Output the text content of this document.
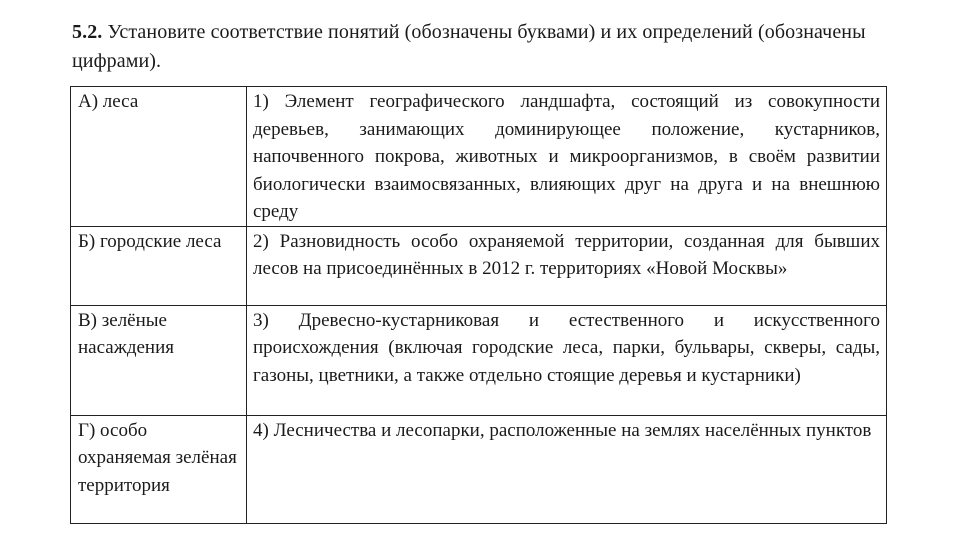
5.2. Установите соответствие понятий (обозначены буквами) и их определений (обозначены цифрами).
А) леса	1) Элемент географического ландшафта, состоящий из совокупности деревьев, занимающих доминирующее положение, кустарников, напочвенного покрова, животных и микроорганизмов, в своём развитии биологически взаимосвязанных, влияющих друг на друга и на внешнюю среду

Б) городские леса	2) Разновидность особо охраняемой территории, созданная для бывших лесов на присоединённых в 2012 г. территориях «Новой Москвы»

В) зелёные насаждения	3) Древесно-кустарниковая и естественного и искусственного происхождения (включая городские леса, парки, бульвары, скверы, сады, газоны, цветники, а также отдельно стоящие деревья и кустарники)

Г) особо охраняемая зелёная территория	4) Лесничества и лесопарки, расположенные на землях населённых пунктов
